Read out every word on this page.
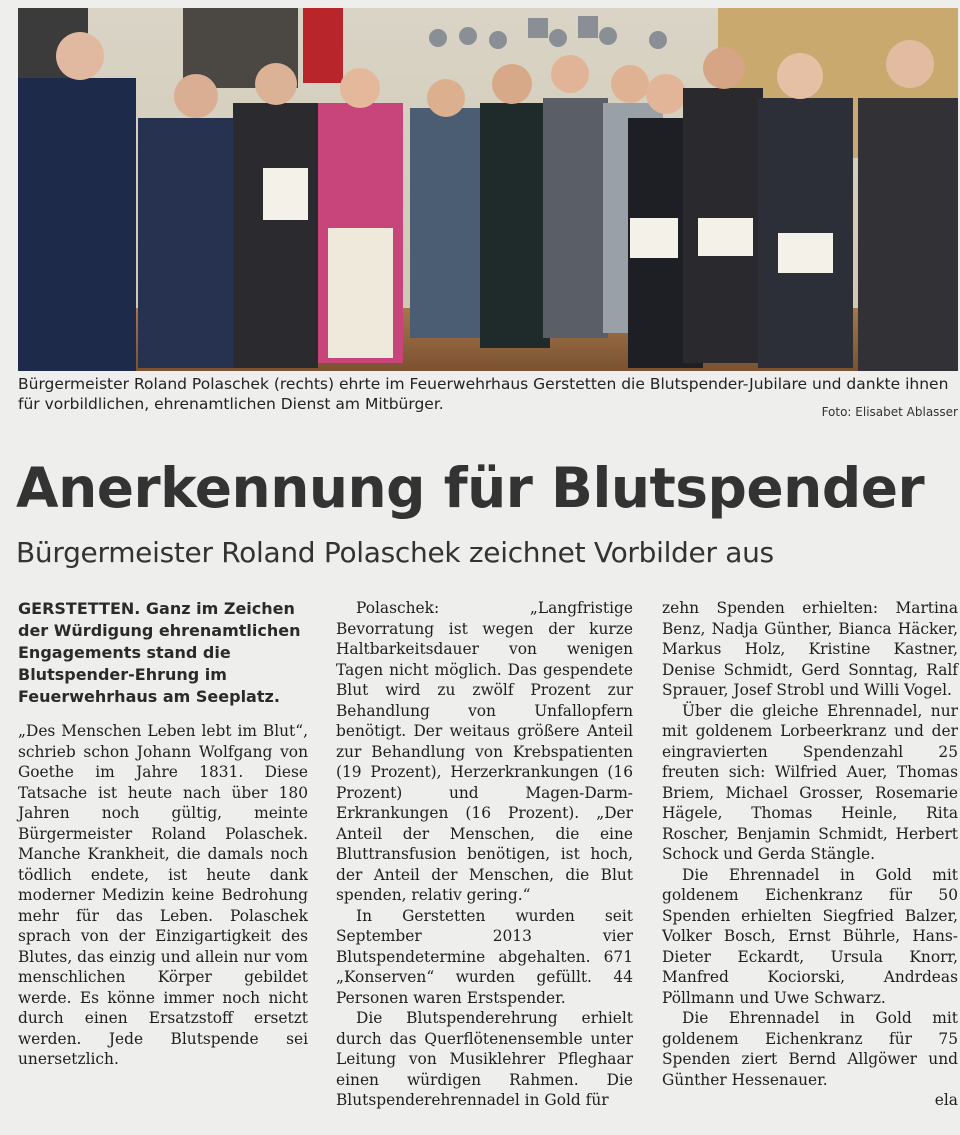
Bürgermeister Roland Polaschek (rechts) ehrte im Feuerwehrhaus Gerstetten die Blutspender-Jubilare und dankte ihnen für vorbildlichen, ehrenamtlichen Dienst am Mitbürger.	Foto: Elisabet Ablasser
Anerkennung für Blutspender
Bürgermeister Roland Polaschek zeichnet Vorbilder aus

GERSTETTEN. Ganz im Zeichen der Würdigung ehrenamtlichen Engagements stand die Blutspender-Ehrung im Feuerwehrhaus am Seeplatz.

„Des Menschen Leben lebt im Blut“, schrieb schon Johann Wolfgang von Goethe im Jahre 1831. Diese Tatsache ist heute nach über 180 Jahren noch gültig, meinte Bürgermeister Roland Polaschek. Manche Krankheit, die damals noch tödlich endete, ist heute dank moderner Medizin keine Bedrohung mehr für das Leben. Polaschek sprach von der Einzigartigkeit des Blutes, das einzig und allein nur vom menschlichen Körper gebildet werde. Es könne immer noch nicht durch einen Ersatzstoff ersetzt werden. Jede Blutspende sei unersetzlich.

Polaschek: „Langfristige Bevorratung ist wegen der kurze Haltbarkeitsdauer von wenigen Tagen nicht möglich. Das gespendete Blut wird zu zwölf Prozent zur Behandlung von Unfallopfern benötigt. Der weitaus größere Anteil zur Behandlung von Krebspatienten (19 Prozent), Herzerkrankungen (16 Prozent) und Magen-Darm-Erkrankungen (16 Prozent). „Der Anteil der Menschen, die eine Bluttransfusion benötigen, ist hoch, der Anteil der Menschen, die Blut spenden, relativ gering.“

In Gerstetten wurden seit September 2013 vier Blutspendetermine abgehalten. 671 „Konserven“ wurden gefüllt. 44 Personen waren Erstspender.

Die Blutspenderehrung erhielt durch das Querflötenensemble unter Leitung von Musiklehrer Pfleghaar einen würdigen Rahmen. Die Blutspenderehrennadel in Gold für

zehn Spenden erhielten: Martina Benz, Nadja Günther, Bianca Häcker, Markus Holz, Kristine Kastner, Denise Schmidt, Gerd Sonntag, Ralf Sprauer, Josef Strobl und Willi Vogel.

Über die gleiche Ehrennadel, nur mit goldenem Lorbeerkranz und der eingravierten Spendenzahl 25 freuten sich: Wilfried Auer, Thomas Briem, Michael Grosser, Rosemarie Hägele, Thomas Heinle, Rita Roscher, Benjamin Schmidt, Herbert Schock und Gerda Stängle.

Die Ehrennadel in Gold mit goldenem Eichenkranz für 50 Spenden erhielten Siegfried Balzer, Volker Bosch, Ernst Bührle, Hans-Dieter Eckardt, Ursula Knorr, Manfred Kociorski, Andrdeas Pöllmann und Uwe Schwarz.

Die Ehrennadel in Gold mit goldenem Eichenkranz für 75 Spenden ziert Bernd Allgöwer und Günther Hessenauer.

ela
